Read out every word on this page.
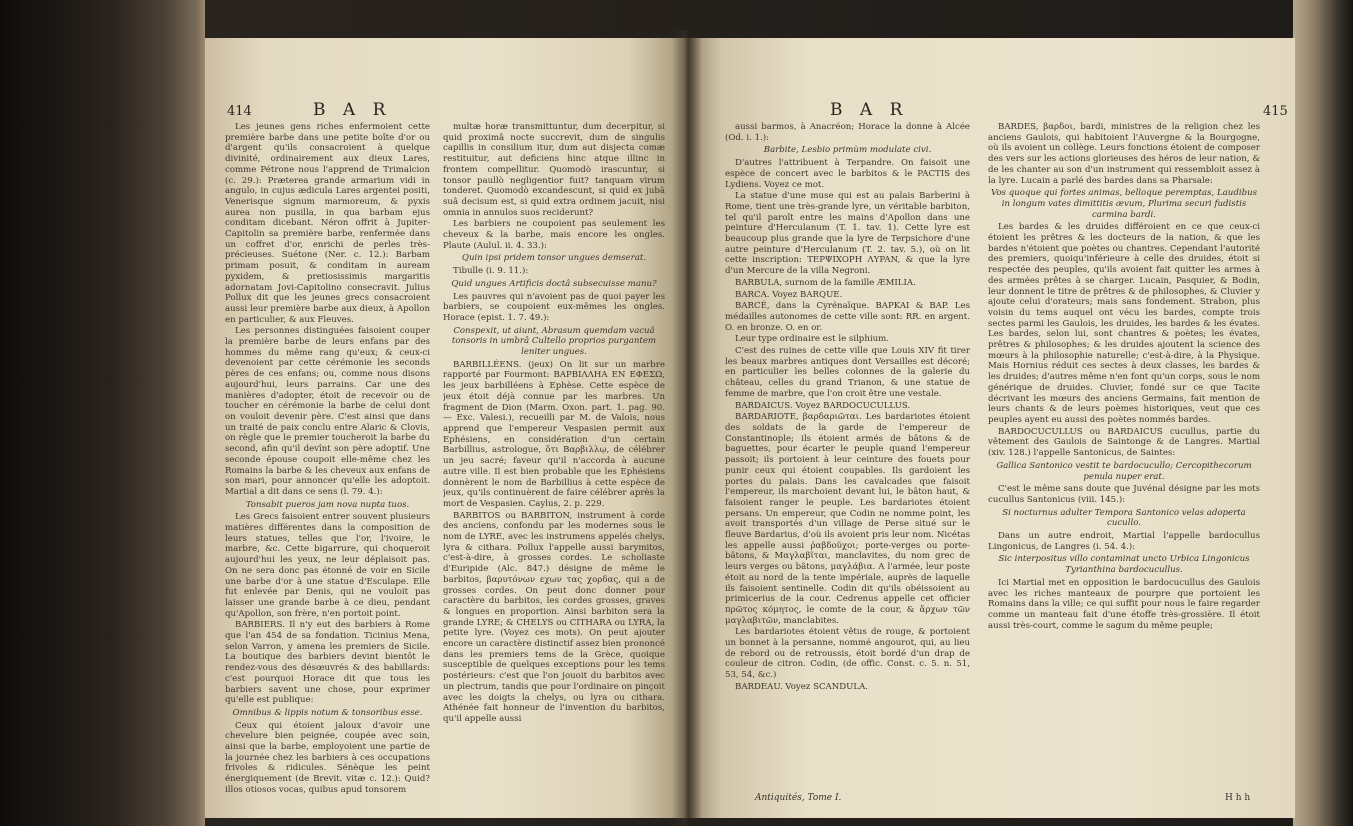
414	B A R

Les jeunes gens riches enfermoient cette première barbe dans une petite boîte d'or ou d'argent qu'ils consacroient à quelque divinité, ordinairement aux dieux Lares, comme Pétrone nous l'apprend de Trimalcion (c. 29.): Præterea grande armarium vidi in angulo, in cujus ædicula Lares argentei positi, Venerisque signum marmoreum, & pyxis aurea non pusilla, in qua barbam ejus conditam dicebant. Néron offrit à Jupiter-Capitolin sa première barbe, renfermée dans un coffret d'or, enrichi de perles très-précieuses. Suétone (Ner. c. 12.): Barbam primam posuit, & conditam in auream pyxidem, & pretiosissimis margaritis adornatam Jovi-Capitolino consecravit. Julius Pollux dit que les jeunes grecs consacroient aussi leur première barbe aux dieux, à Apollon en particulier, & aux Fleuves.

Les personnes distinguées faisoient couper la première barbe de leurs enfans par des hommes du même rang qu'eux; & ceux-ci devenoient par cette cérémonie les seconds pères de ces enfans; ou, comme nous disons aujourd'hui, leurs parrains. Car une des manières d'adopter, étoit de recevoir ou de toucher en cérémonie la barbe de celui dont on vouloit devenir père. C'est ainsi que dans un traité de paix conclu entre Alaric & Clovis, on règle que le premier toucheroit la barbe du second, afin qu'il devînt son père adoptif. Une seconde épouse coupoit elle-même chez les Romains la barbe & les cheveux aux enfans de son mari, pour annoncer qu'elle les adoptoit. Martial a dit dans ce sens (l. 79. 4.):

Tonsabit pueros jam nova nupta tuos.

Les Grecs faisoient entrer souvent plusieurs matières différentes dans la composition de leurs statues, telles que l'or, l'ivoire, le marbre, &c. Cette bigarrure, qui choqueroit aujourd'hui les yeux, ne leur déplaisoit pas. On ne sera donc pas étonné de voir en Sicile une barbe d'or à une statue d'Esculape. Elle fut enlevée par Denis, qui ne vouloit pas laisser une grande barbe à ce dieu, pendant qu'Apollon, son frère, n'en portoit point.

BARBIERS. Il n'y eut des barbiers à Rome que l'an 454 de sa fondation. Ticinius Mena, selon Varron, y amena les premiers de Sicile. La boutique des barbiers devint bientôt le rendez-vous des désœuvrés & des babillards: c'est pourquoi Horace dit que tous les barbiers savent une chose, pour exprimer qu'elle est publique:

Omnibus & lippis notum & tonsoribus esse.

Ceux qui étoient jaloux d'avoir une chevelure bien peignée, coupée avec soin, ainsi que la barbe, employoient une partie de la journée chez les barbiers à ces occupations frivoles & ridicules. Sénèque les peint énergiquement (de Brevit. vitæ c. 12.): Quid? illos otiosos vocas, quibus apud tonsorem

multæ horæ transmittuntur, dum decerpitur, si quid proximâ nocte succrevit, dum de singulis capillis in consilium itur, dum aut disjecta comæ restituitur, aut deficiens hinc atque illinc in frontem compellitur. Quomodò irascuntur, si tonsor paullò negligentior fuit? tanquam virum tonderet. Quomodò excandescunt, si quid ex jubâ suâ decisum est, si quid extra ordinem jacuit, nisi omnia in annulos suos reciderunt?

Les barbiers ne coupoient pas seulement les cheveux & la barbe, mais encore les ongles. Plaute (Aulul. ii. 4. 33.):

Quin ipsi pridem tonsor ungues demserat.

Tibulle (i. 9. 11.):

Quid ungues Artificis doctâ subsecuisse manu?

Les pauvres qui n'avoient pas de quoi payer les barbiers, se coupoient eux-mêmes les ongles. Horace (epist. 1. 7. 49.):

Conspexit, ut aiunt, Abrasum quemdam vacuâ tonsoris in umbrâ Cultello proprios purgantem leniter ungues.

BARBILLÉENS. (jeux) On lit sur un marbre rapporté par Fourmont: BAPBIΛΛHA EN EΦEΣΩ, les jeux barbilléens à Ephèse. Cette espèce de jeux étoit déjà connue par les marbres. Un fragment de Dion (Marm. Oxon. part. 1. pag. 90. — Exc. Valesi.), recueilli par M. de Valois, nous apprend que l'empereur Vespasien permit aux Ephésiens, en considération d'un certain Barbillius, astrologue, ὅτι Βαρβιλλῳ, de célébrer un jeu sacré; faveur qu'il n'accorda à aucune autre ville. Il est bien probable que les Ephésiens donnèrent le nom de Barbillius à cette espèce de jeux, qu'ils continuèrent de faire célébrer après la mort de Vespasien. Caylus, 2. p. 229.

BARBITOS ou BARBITON, instrument à corde des anciens, confondu par les modernes sous le nom de LYRE, avec les instrumens appelés chelys, lyra & cithara. Pollux l'appelle aussi barymitos, c'est-à-dire, à grosses cordes. Le scholiaste d'Euripide (Alc. 847.) désigne de même le barbitos, βαρυτόνων εχων τας χορδας, qui a de grosses cordes. On peut donc donner pour caractère du barbitos, les cordes grosses, graves & longues en proportion. Ainsi barbiton sera la grande LYRE; & CHELYS ou CITHARA ou LYRA, la petite lyre. (Voyez ces mots). On peut ajouter encore un caractère distinctif assez bien prononcé dans les premiers tems de la Grèce, quoique susceptible de quelques exceptions pour les tems postérieurs: c'est que l'on jouoit du barbitos avec un plectrum, tandis que pour l'ordinaire on pinçoit avec les doigts la chelys, ou lyra ou cithara. Athénée fait honneur de l'invention du barbitos, qu'il appelle aussi

B A R	415

aussi barmos, à Anacréon; Horace la donne à Alcée (Od. i. 1.):

Barbite, Lesbio primùm modulate civi.

D'autres l'attribuent à Terpandre. On faisoit une espèce de concert avec le barbitos & le PACTIS des Lydiens. Voyez ce mot.

La statue d'une muse qui est au palais Barberini à Rome, tient une très-grande lyre, un véritable barbiton, tel qu'il paroît entre les mains d'Apollon dans une peinture d'Herculanum (T. 1. tav. 1). Cette lyre est beaucoup plus grande que la lyre de Terpsichore d'une autre peinture d'Herculanum (T. 2. tav. 5.), où on lit cette inscription: TEPΨIXOPH ΛYPAN, & que la lyre d'un Mercure de la villa Negroni.

BARBULA, surnom de la famille ÆMILIA.

BARCA. Voyez BARQUE.

BARCÉ, dans la Cyrénaïque. BAPKAI & BAP. Les médailles autonomes de cette ville sont: RR. en argent. O. en bronze. O. en or.

Leur type ordinaire est le silphium.

C'est des ruines de cette ville que Louis XIV fit tirer les beaux marbres antiques dont Versailles est décoré; en particulier les belles colonnes de la galerie du château, celles du grand Trianon, & une statue de femme de marbre, que l'on croit être une vestale.

BARDAICUS. Voyez BARDOCUCULLUS.

BARDARIOTE, βαρδαριῶται. Les bardariotes étoient des soldats de la garde de l'empereur de Constantinople; ils étoient armés de bâtons & de baguettes, pour écarter le peuple quand l'empereur passoit; ils portoient à leur ceinture des fouets pour punir ceux qui étoient coupables. Ils gardoient les portes du palais. Dans les cavalcades que faisoit l'empereur, ils marchoient devant lui, le bâton haut, & faisoient ranger le peuple. Les bardariotes étoient persans. Un empereur, que Codin ne nomme point, les avoit transportés d'un village de Perse situé sur le fleuve Bardarius, d'où ils avoient pris leur nom. Nicétas les appelle aussi ῥαβδοῦχοι; porte-verges ou porte-bâtons, & Μαγλαβῖται, manclavites, du nom grec de leurs verges ou bâtons, μαγλάβια. A l'armée, leur poste étoit au nord de la tente impériale, auprès de laquelle ils faisoient sentinelle. Codin dit qu'ils obéissoient au primicerius de la cour. Cedrenus appelle cet officier πρῶτος κόμητος, le comte de la cour, & ἄρχων τῶν μαγλαβιτῶν, manclabites.

Les bardariotes étoient vêtus de rouge, & portoient un bonnet à la persanne, nommé angourot, qui, au lieu de rebord ou de retroussis, étoit bordé d'un drap de couleur de citron. Codin, (de offic. Const. c. 5. n. 51, 53, 54, &c.)

BARDEAU. Voyez SCANDULA.

BARDES, βαρδοι, bardi, ministres de la religion chez les anciens Gaulois, qui habitoient l'Auvergne & la Bourgogne, où ils avoient un collège. Leurs fonctions étoient de composer des vers sur les actions glorieuses des héros de leur nation, & de les chanter au son d'un instrument qui ressembloit assez à la lyre. Lucain a parlé des bardes dans sa Pharsale:

Vos quoque qui fortes animas, belloque peremptas, Laudibus in longum vates dimittitis ævum, Plurima securi fudistis carmina bardi.

Les bardes & les druides différoient en ce que ceux-ci étoient les prêtres & les docteurs de la nation, & que les bardes n'étoient que poètes ou chantres. Cependant l'autorité des premiers, quoiqu'inférieure à celle des druides, étoit si respectée des peuples, qu'ils avoient fait quitter les armes à des armées prêtes à se charger. Lucain, Pasquier, & Bodin, leur donnent le titre de prêtres & de philosophes, & Cluvier y ajoute celui d'orateurs; mais sans fondement. Strabon, plus voisin du tems auquel ont vécu les bardes, compte trois sectes parmi les Gaulois, les druides, les bardes & les évates. Les bardes, selon lui, sont chantres & poètes; les évates, prêtres & philosophes; & les druides ajoutent la science des mœurs à la philosophie naturelle; c'est-à-dire, à la Physique. Mais Hornius réduit ces sectes à deux classes, les bardes & les druides; d'autres même n'en font qu'un corps, sous le nom générique de druides. Cluvier, fondé sur ce que Tacite décrivant les mœurs des anciens Germains, fait mention de leurs chants & de leurs poèmes historiques, veut que ces peuples ayent eu aussi des poètes nommés bardes.

BARDOCUCULLUS ou BARDAICUS cucullus, partie du vêtement des Gaulois de Saintonge & de Langres. Martial (xiv. 128.) l'appelle Santonicus, de Saintes:

Gallica Santonico vestit te bardocucullo; Cercopithecorum penula nuper erat.

C'est le même sans doute que Juvénal désigne par les mots cucullus Santonicus (viii. 145.):

Si nocturnus adulter Tempora Santonico velas adoperta cucullo.

Dans un autre endroit, Martial l'appelle bardocullus Lingonicus, de Langres (i. 54. 4.):

Sic interpositus villo contaminat uncto Urbica Lingonicus Tyrianthina bardocucullus.

Ici Martial met en opposition le bardocucullus des Gaulois avec les riches manteaux de pourpre que portoient les Romains dans la ville; ce qui suffit pour nous le faire regarder comme un manteau fait d'une étoffe très-grossière. Il étoit aussi très-court, comme le sagum du même peuple;

Antiquités, Tome I.	H h h
